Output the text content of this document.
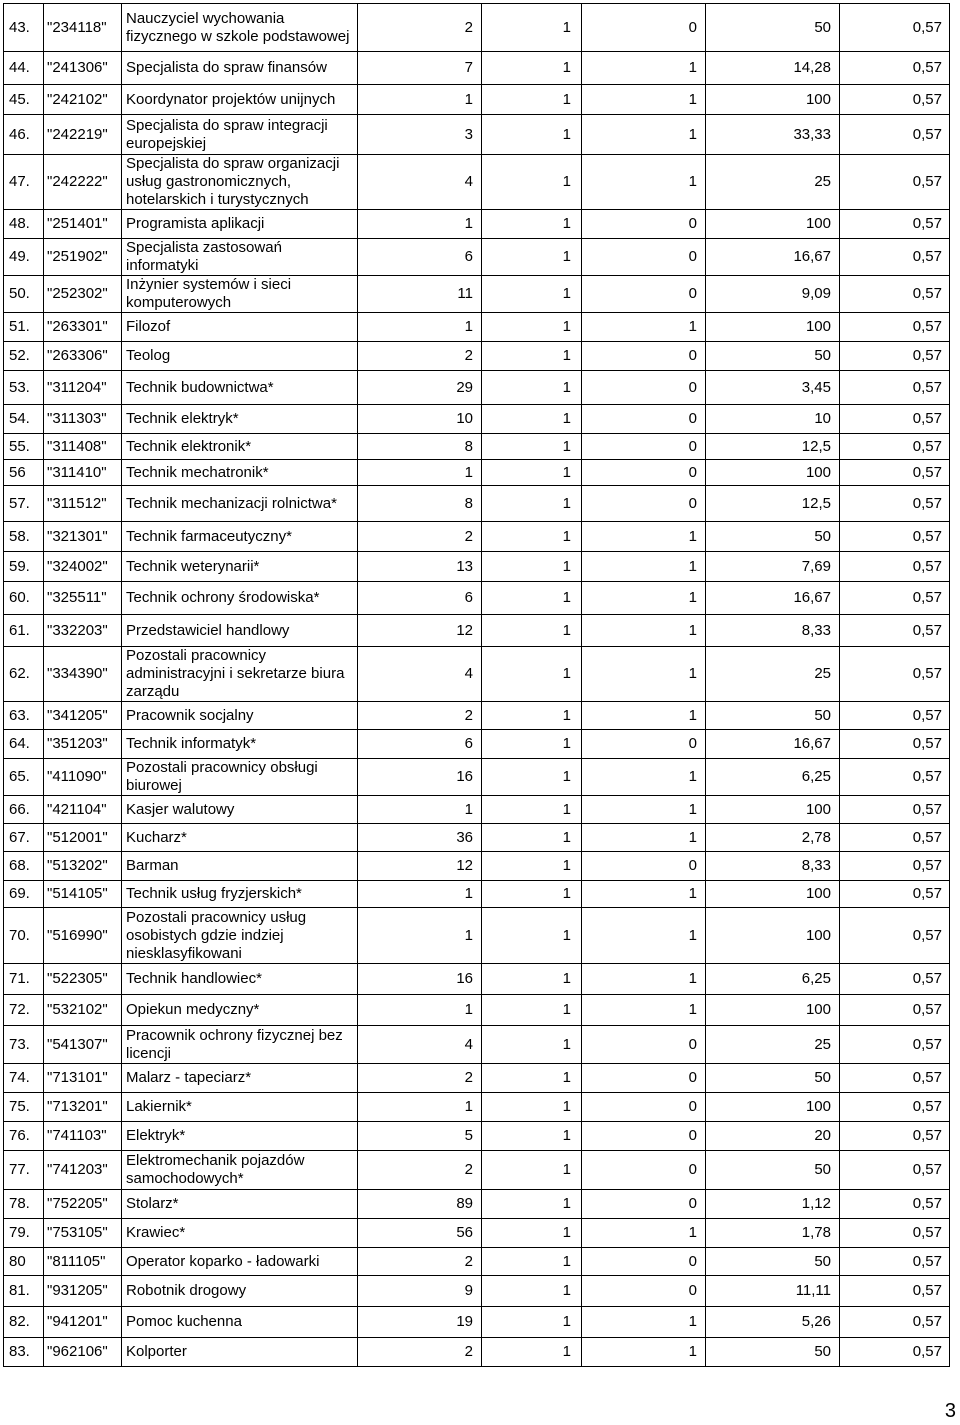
43.	"234118"	Nauczyciel wychowania fizycznego w szkole podstawowej	2	1	0	50	0,57
44.	"241306"	Specjalista do spraw finansów	7	1	1	14,28	0,57
45.	"242102"	Koordynator projektów unijnych	1	1	1	100	0,57
46.	"242219"	Specjalista do spraw integracji europejskiej	3	1	1	33,33	0,57
47.	"242222"	Specjalista do spraw organizacji usług gastronomicznych, hotelarskich i turystycznych	4	1	1	25	0,57
48.	"251401"	Programista aplikacji	1	1	0	100	0,57
49.	"251902"	Specjalista zastosowań informatyki	6	1	0	16,67	0,57
50.	"252302"	Inżynier systemów i sieci komputerowych	11	1	0	9,09	0,57
51.	"263301"	Filozof	1	1	1	100	0,57
52.	"263306"	Teolog	2	1	0	50	0,57
53.	"311204"	Technik budownictwa*	29	1	0	3,45	0,57
54.	"311303"	Technik elektryk*	10	1	0	10	0,57
55.	"311408"	Technik elektronik*	8	1	0	12,5	0,57
56	"311410"	Technik mechatronik*	1	1	0	100	0,57
57.	"311512"	Technik mechanizacji rolnictwa*	8	1	0	12,5	0,57
58.	"321301"	Technik farmaceutyczny*	2	1	1	50	0,57
59.	"324002"	Technik weterynarii*	13	1	1	7,69	0,57
60.	"325511"	Technik ochrony środowiska*	6	1	1	16,67	0,57
61.	"332203"	Przedstawiciel handlowy	12	1	1	8,33	0,57
62.	"334390"	Pozostali pracownicy administracyjni i sekretarze biura zarządu	4	1	1	25	0,57
63.	"341205"	Pracownik socjalny	2	1	1	50	0,57
64.	"351203"	Technik informatyk*	6	1	0	16,67	0,57
65.	"411090"	Pozostali pracownicy obsługi biurowej	16	1	1	6,25	0,57
66.	"421104"	Kasjer walutowy	1	1	1	100	0,57
67.	"512001"	Kucharz*	36	1	1	2,78	0,57
68.	"513202"	Barman	12	1	0	8,33	0,57
69.	"514105"	Technik usług fryzjerskich*	1	1	1	100	0,57
70.	"516990"	Pozostali pracownicy usług osobistych gdzie indziej niesklasyfikowani	1	1	1	100	0,57
71.	"522305"	Technik handlowiec*	16	1	1	6,25	0,57
72.	"532102"	Opiekun medyczny*	1	1	1	100	0,57
73.	"541307"	Pracownik ochrony fizycznej bez licencji	4	1	0	25	0,57
74.	"713101"	Malarz - tapeciarz*	2	1	0	50	0,57
75.	"713201"	Lakiernik*	1	1	0	100	0,57
76.	"741103"	Elektryk*	5	1	0	20	0,57
77.	"741203"	Elektromechanik pojazdów samochodowych*	2	1	0	50	0,57
78.	"752205"	Stolarz*	89	1	0	1,12	0,57
79.	"753105"	Krawiec*	56	1	1	1,78	0,57
80	"811105"	Operator koparko - ładowarki	2	1	0	50	0,57
81.	"931205"	Robotnik drogowy	9	1	0	11,11	0,57
82.	"941201"	Pomoc kuchenna	19	1	1	5,26	0,57
83.	"962106"	Kolporter	2	1	1	50	0,57
3
